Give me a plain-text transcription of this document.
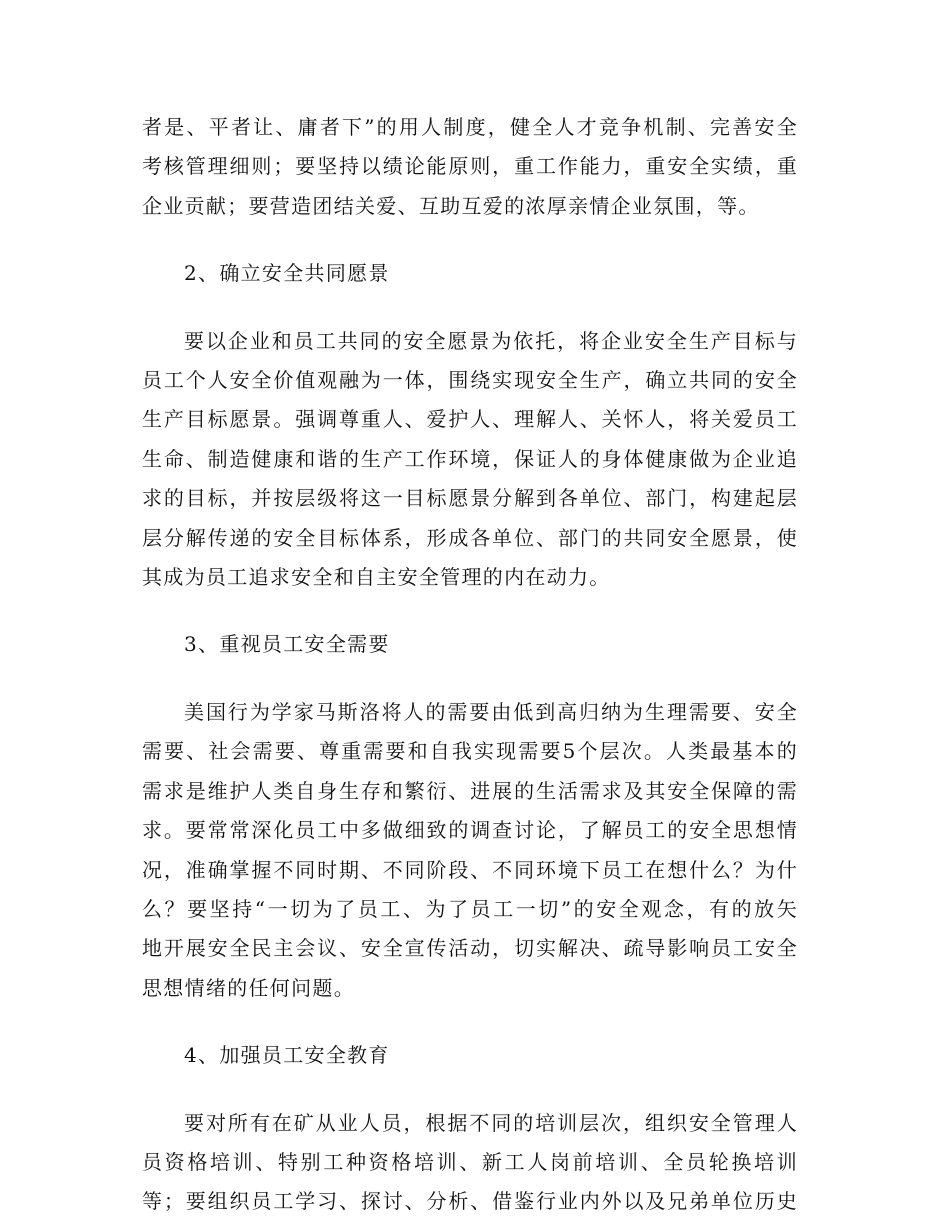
者是、平者让、庸者下”的用人制度，健全人才竞争机制、完善安全
考核管理细则；要坚持以绩论能原则，重工作能力，重安全实绩，重
企业贡献；要营造团结关爱、互助互爱的浓厚亲情企业氛围，等。
2、确立安全共同愿景
要以企业和员工共同的安全愿景为依托，将企业安全生产目标与
员工个人安全价值观融为一体，围绕实现安全生产，确立共同的安全
生产目标愿景。强调尊重人、爱护人、理解人、关怀人，将关爱员工
生命、制造健康和谐的生产工作环境，保证人的身体健康做为企业追
求的目标，并按层级将这一目标愿景分解到各单位、部门，构建起层
层分解传递的安全目标体系，形成各单位、部门的共同安全愿景，使
其成为员工追求安全和自主安全管理的内在动力。
3、重视员工安全需要
美国行为学家马斯洛将人的需要由低到高归纳为生理需要、安全
需要、社会需要、尊重需要和自我实现需要5个层次。人类最基本的
需求是维护人类自身生存和繁衍、进展的生活需求及其安全保障的需
求。要常常深化员工中多做细致的调查讨论，了解员工的安全思想情
况，准确掌握不同时期、不同阶段、不同环境下员工在想什么？为什
么？要坚持“一切为了员工、为了员工一切”的安全观念，有的放矢
地开展安全民主会议、安全宣传活动，切实解决、疏导影响员工安全
思想情绪的任何问题。
4、加强员工安全教育
要对所有在矿从业人员，根据不同的培训层次，组织安全管理人
员资格培训、特别工种资格培训、新工人岗前培训、全员轮换培训
等；要组织员工学习、探讨、分析、借鉴行业内外以及兄弟单位历史
